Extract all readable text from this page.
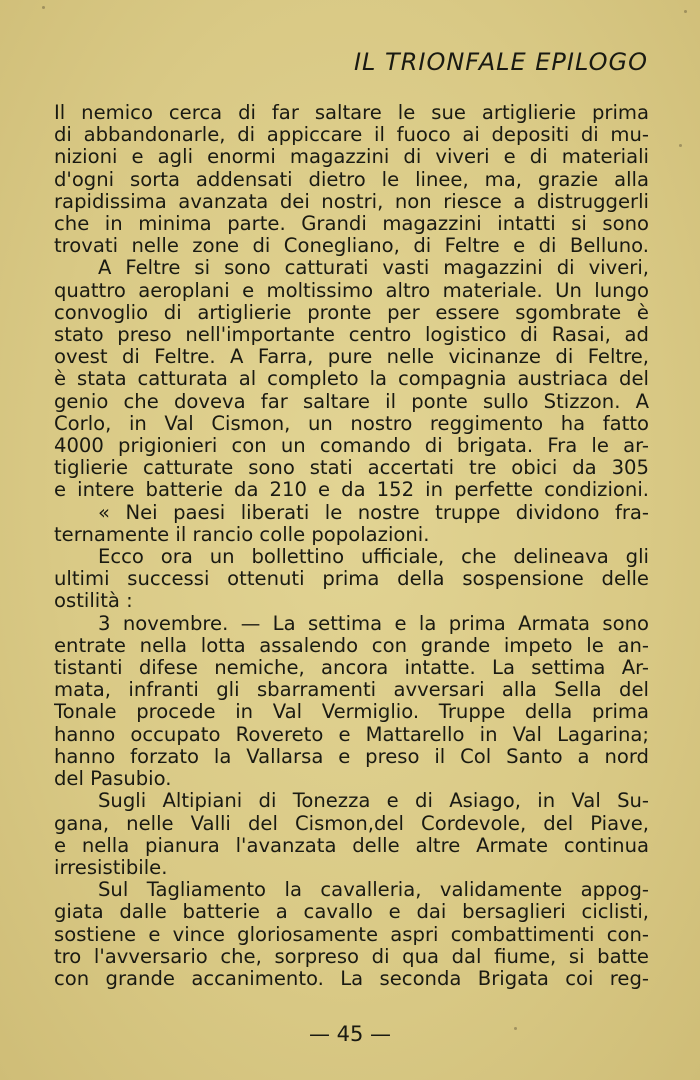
IL TRIONFALE EPILOGO
Il nemico cerca di far saltare le sue artiglierie prima
di abbandonarle, di appiccare il fuoco ai depositi di mu-
nizioni e agli enormi magazzini di viveri e di materiali
d'ogni sorta addensati dietro le linee, ma, grazie alla
rapidissima avanzata dei nostri, non riesce a distruggerli
che in minima parte. Grandi magazzini intatti si sono
trovati nelle zone di Conegliano, di Feltre e di Belluno.
A Feltre si sono catturati vasti magazzini di viveri,
quattro aeroplani e moltissimo altro materiale. Un lungo
convoglio di artiglierie pronte per essere sgombrate è
stato preso nell'importante centro logistico di Rasai, ad
ovest di Feltre. A Farra, pure nelle vicinanze di Feltre,
è stata catturata al completo la compagnia austriaca del
genio che doveva far saltare il ponte sullo Stizzon. A
Corlo, in Val Cismon, un nostro reggimento ha fatto
4000 prigionieri con un comando di brigata. Fra le ar-
tiglierie catturate sono stati accertati tre obici da 305
e intere batterie da 210 e da 152 in perfette condizioni.
« Nei paesi liberati le nostre truppe dividono fra-
ternamente il rancio colle popolazioni.
Ecco ora un bollettino ufficiale, che delineava gli
ultimi successi ottenuti prima della sospensione delle
ostilità :
3 novembre. — La settima e la prima Armata sono
entrate nella lotta assalendo con grande impeto le an-
tistanti difese nemiche, ancora intatte. La settima Ar-
mata, infranti gli sbarramenti avversari alla Sella del
Tonale procede in Val Vermiglio. Truppe della prima
hanno occupato Rovereto e Mattarello in Val Lagarina;
hanno forzato la Vallarsa e preso il Col Santo a nord
del Pasubio.
Sugli Altipiani di Tonezza e di Asiago, in Val Su-
gana, nelle Valli del Cismon,del Cordevole, del Piave,
e nella pianura l'avanzata delle altre Armate continua
irresistibile.
Sul Tagliamento la cavalleria, validamente appog-
giata dalle batterie a cavallo e dai bersaglieri ciclisti,
sostiene e vince gloriosamente aspri combattimenti con-
tro l'avversario che, sorpreso di qua dal fiume, si batte
con grande accanimento. La seconda Brigata coi reg-
— 45 —
